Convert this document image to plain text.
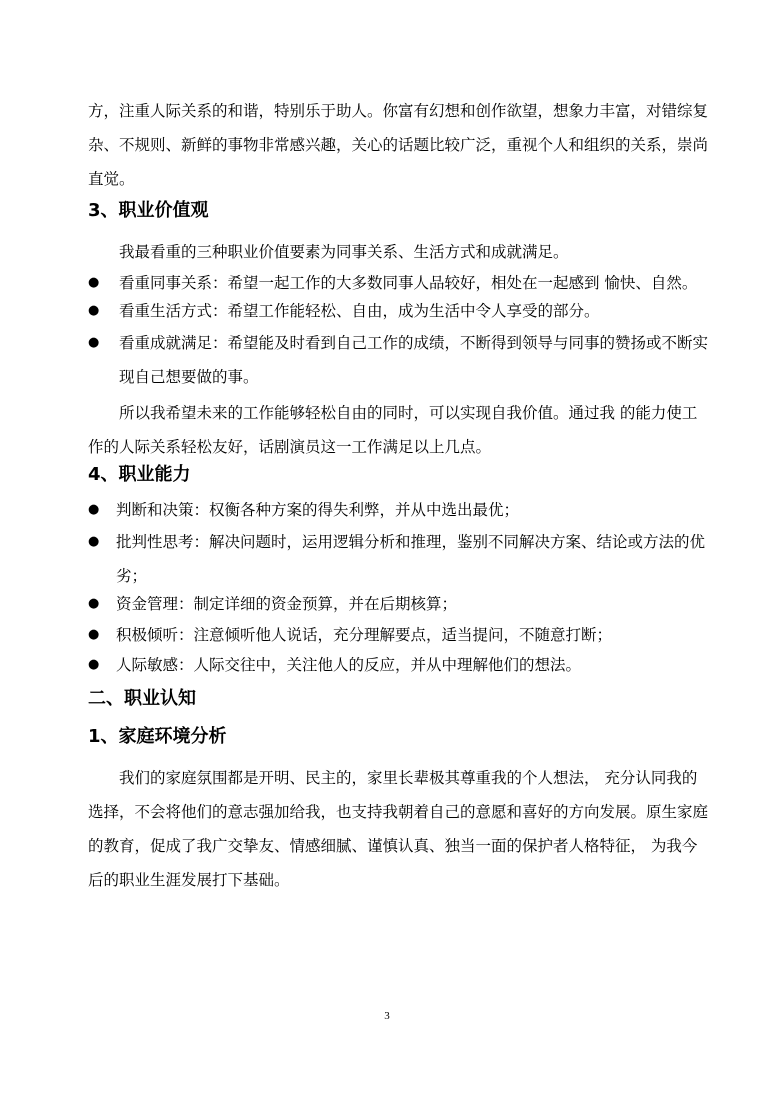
方，注重人际关系的和谐，特别乐于助人。你富有幻想和创作欲望，想象力丰富，对错综复杂、不规则、新鲜的事物非常感兴趣，关心的话题比较广泛，重视个人和组织的关系，崇尚直觉。

3、职业价值观

我最看重的三种职业价值要素为同事关系、生活方式和成就满足。

●	看重同事关系：希望一起工作的大多数同事人品较好，相处在一起感到 愉快、自然。
●	看重生活方式：希望工作能轻松、自由，成为生活中令人享受的部分。
●	看重成就满足：希望能及时看到自己工作的成绩，不断得到领导与同事的赞扬或不断实现自己想要做的事。

所以我希望未来的工作能够轻松自由的同时，可以实现自我价值。通过我 的能力使工作的人际关系轻松友好，话剧演员这一工作满足以上几点。

4、职业能力
●	判断和决策：权衡各种方案的得失利弊，并从中选出最优；
●	批判性思考：解决问题时，运用逻辑分析和推理，鉴别不同解决方案、结论或方法的优劣；
●	资金管理：制定详细的资金预算，并在后期核算；
●	积极倾听：注意倾听他人说话，充分理解要点，适当提问，不随意打断；
●	人际敏感：人际交往中，关注他人的反应，并从中理解他们的想法。
二、职业认知
1、家庭环境分析

我们的家庭氛围都是开明、民主的，家里长辈极其尊重我的个人想法， 充分认同我的选择，不会将他们的意志强加给我，也支持我朝着自己的意愿和喜好的方向发展。原生家庭的教育，促成了我广交挚友、情感细腻、谨慎认真、独当一面的保护者人格特征， 为我今后的职业生涯发展打下基础。

3
